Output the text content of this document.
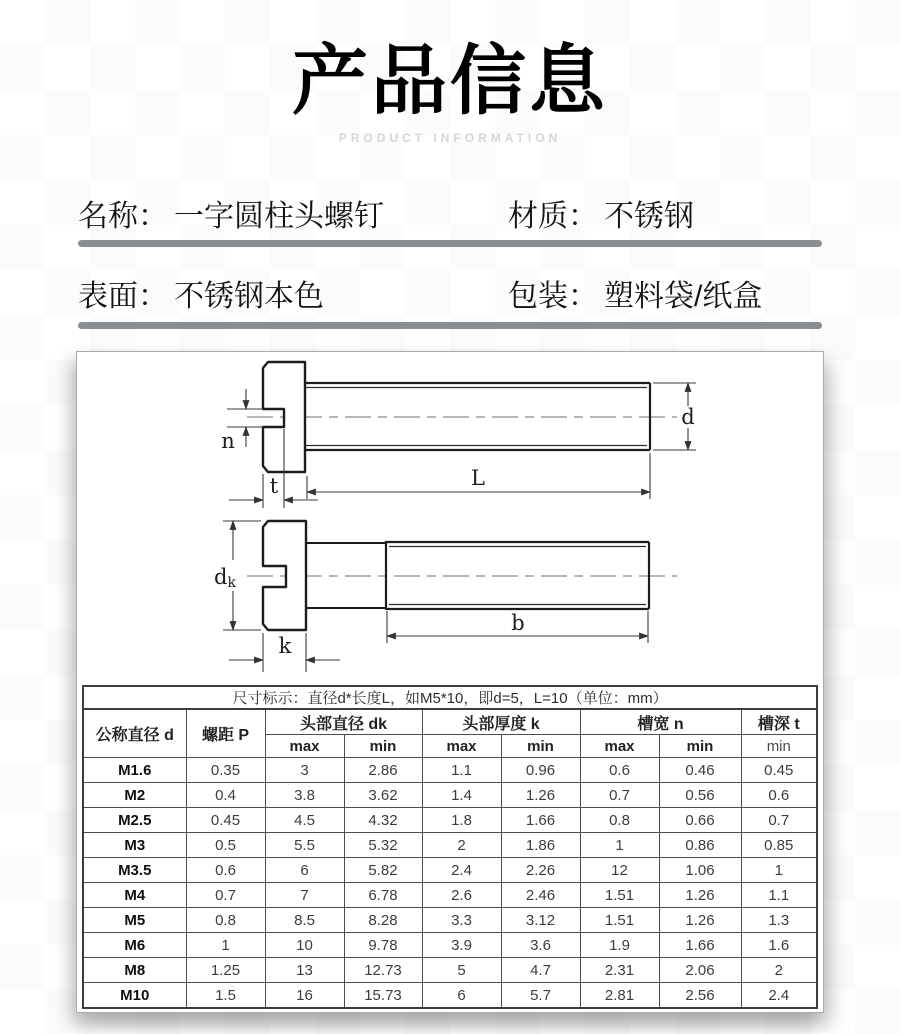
产品信息
PRODUCT INFORMATION
名称： 一字圆柱头螺钉	材质： 不锈钢
表面： 不锈钢本色	包装： 塑料袋/纸盒
n
t	L
d
dk
k
b
尺寸标示：直径d*长度L，如M5*10，即d=5，L=10（单位：mm）								
公称直径 d	螺距 P	头部直径 dk		头部厚度 k		槽宽 n		槽深 t
		max	min	max	min	max	min	min
M1.6	0.35	3	2.86	1.1	0.96	0.6	0.46	0.45
M2	0.4	3.8	3.62	1.4	1.26	0.7	0.56	0.6
M2.5	0.45	4.5	4.32	1.8	1.66	0.8	0.66	0.7
M3	0.5	5.5	5.32	2	1.86	1	0.86	0.85
M3.5	0.6	6	5.82	2.4	2.26	12	1.06	1
M4	0.7	7	6.78	2.6	2.46	1.51	1.26	1.1
M5	0.8	8.5	8.28	3.3	3.12	1.51	1.26	1.3
M6	1	10	9.78	3.9	3.6	1.9	1.66	1.6
M8	1.25	13	12.73	5	4.7	2.31	2.06	2
M10	1.5	16	15.73	6	5.7	2.81	2.56	2.4
